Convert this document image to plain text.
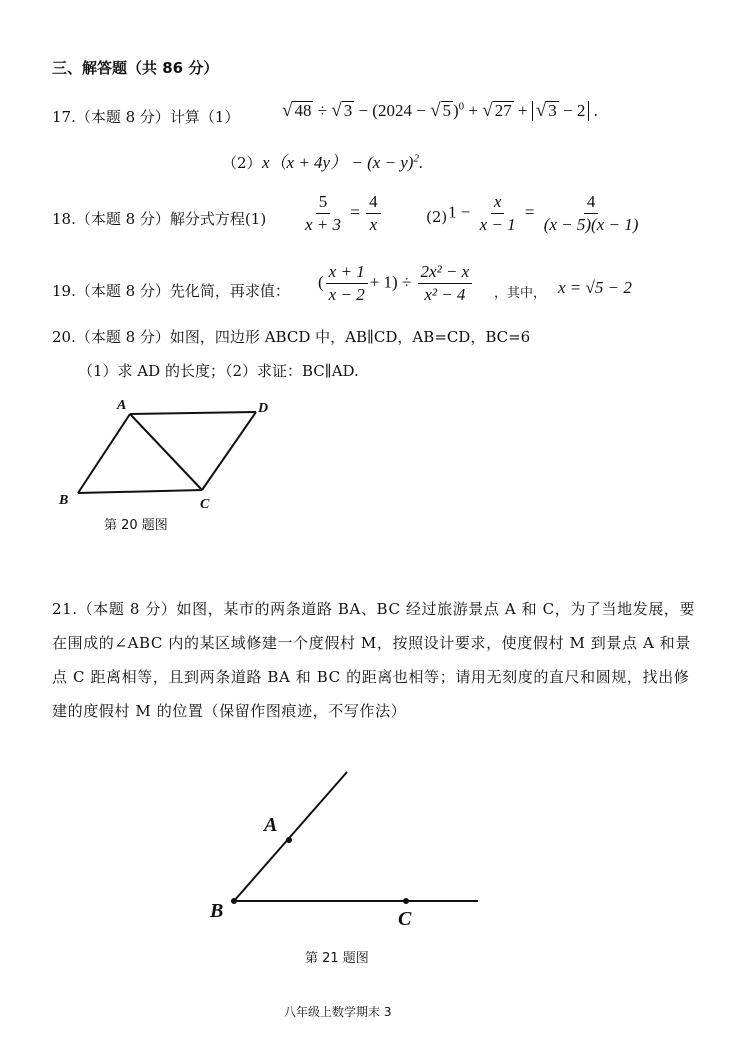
三、解答题（共 86 分）
17.（本题 8 分）计算（1） √ 48 ÷ √ 3 − (2024 − √ 5 )$^0$ + √ 27 + √ 3 − 2 .
（2） $x(x + 4y) - (x - y)^2$.
18.（本题 8 分）解分式方程$(1) \frac{5}{x + 3} = \frac{4}{x}$	(2) $1 - \frac{x}{x - 1} = \frac{4}{(x - 5)(x - 1)}$
19.（本题 8 分）先化简，再求值： ( $\frac{x + 1}{x - 2} + 1) \div \frac{\text{2x² − x}}{\text{x² − 4}}$ ，其中， x = √5 − 2
20.（本题 8 分）如图，四边形 ABCD 中，AB∥CD，AB=CD，BC=6
（1）求 AD 的长度；（2）求证：BC∥AD.
A	D
B	C
第 20 题图
21.（本题 8 分）如图，某市的两条道路 BA、BC 经过旅游景点 A 和 C，为了当地发展，要在围成的∠ABC 内的某区域修建一个度假村 M，按照设计要求，使度假村 M 到景点 A 和景点 C 距离相等，且到两条道路 BA 和 BC 的距离也相等；请用无刻度的直尺和圆规，找出修建的度假村 M 的位置（保留作图痕迹，不写作法）
A
B	C
第 21 题图
八年级上数学期末 3
